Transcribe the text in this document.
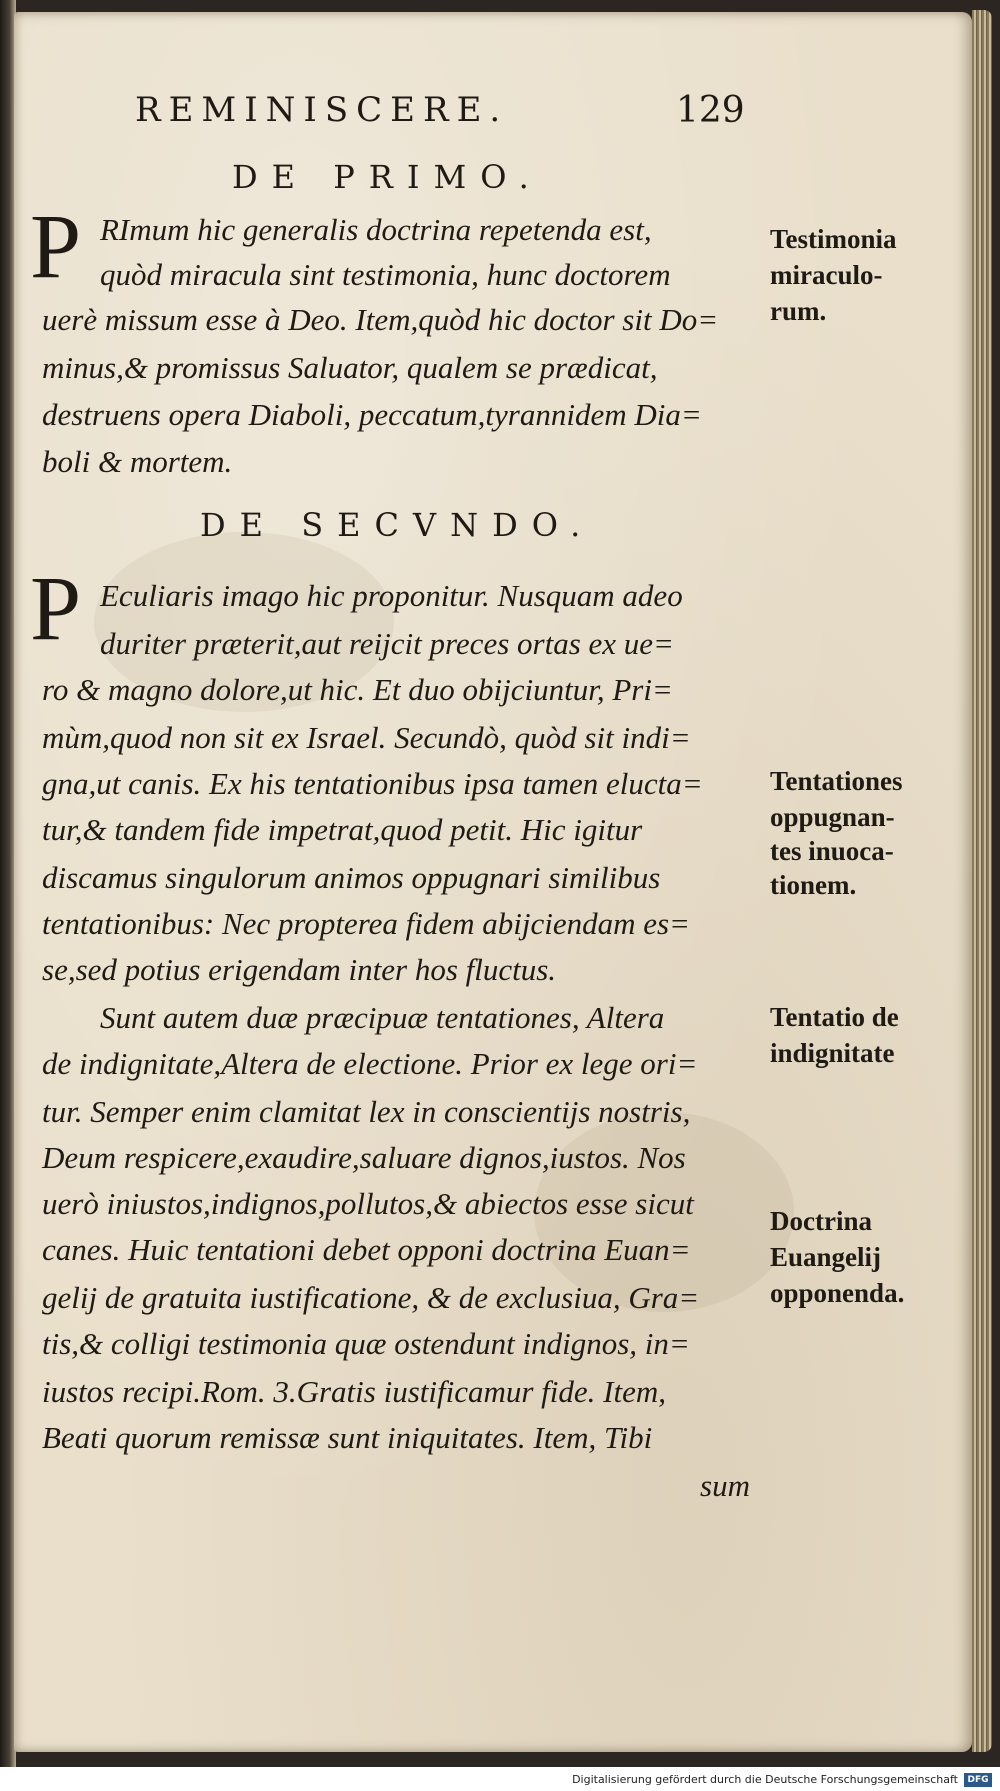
REMINISCERE.	129
DE PRIMO.
P RImum hic generalis doctrina repetenda est,
quòd miracula sint testimonia, hunc doctorem
uerè missum esse à Deo. Item,quòd hic doctor sit Do=
minus,& promissus Saluator, qualem se prædicat,
destruens opera Diaboli, peccatum,tyrannidem Dia=
boli & mortem.
Testimonia
miraculo-
rum.
DE SECVNDO.
P Eculiaris imago hic proponitur. Nusquam adeo
duriter præterit,aut reijcit preces ortas ex ue=
ro & magno dolore,ut hic. Et duo obijciuntur, Pri=
mùm,quod non sit ex Israel. Secundò, quòd sit indi=
gna,ut canis. Ex his tentationibus ipsa tamen elucta=
tur,& tandem fide impetrat,quod petit. Hic igitur
discamus singulorum animos oppugnari similibus
tentationibus: Nec propterea fidem abijciendam es=
se,sed potius erigendam inter hos fluctus.
Sunt autem duæ præcipuæ tentationes, Altera
de indignitate,Altera de electione. Prior ex lege ori=
tur. Semper enim clamitat lex in conscientijs nostris,
Deum respicere,exaudire,saluare dignos,iustos. Nos
uerò iniustos,indignos,pollutos,& abiectos esse sicut
canes. Huic tentationi debet opponi doctrina Euan=
gelij de gratuita iustificatione, & de exclusiua, Gra=
tis,& colligi testimonia quæ ostendunt indignos, in=
iustos recipi.Rom. 3.Gratis iustificamur fide. Item,
Beati quorum remissæ sunt iniquitates. Item, Tibi
sum
Tentationes
oppugnan-
tes inuoca-
tionem.
Tentatio de
indignitate
Doctrina
Euangelij
opponenda.
Digitalisierung gefördert durch die Deutsche Forschungsgemeinschaft	DFG
